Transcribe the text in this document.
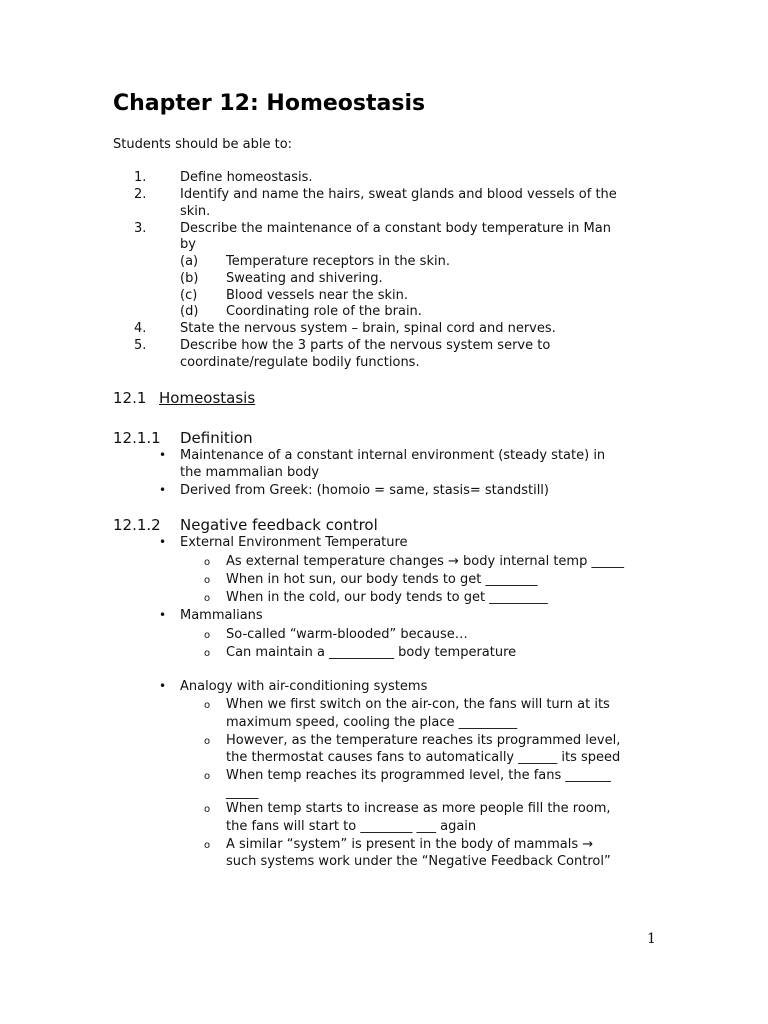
Chapter 12: Homeostasis
Students should be able to:
1.	Define homeostasis.
2.	Identify and name the hairs, sweat glands and blood vessels of the
skin.
3.	Describe the maintenance of a constant body temperature in Man
by
(a) Temperature receptors in the skin.
(b) Sweating and shivering.
(c) Blood vessels near the skin.
(d) Coordinating role of the brain.
4.	State the nervous system – brain, spinal cord and nerves.
5.	Describe how the 3 parts of the nervous system serve to
coordinate/regulate bodily functions.
12.1 Homeostasis
12.1.1 Definition
• Maintenance of a constant internal environment (steady state) in
the mammalian body
• Derived from Greek: (homoio = same, stasis= standstill)
12.1.2 Negative feedback control
• External Environment Temperature
o As external temperature changes → body internal temp _____
o When in hot sun, our body tends to get ________
o When in the cold, our body tends to get _________
• Mammalians
o So-called “warm-blooded” because…
o Can maintain a __________ body temperature
• Analogy with air-conditioning systems
o When we first switch on the air-con, the fans will turn at its
maximum speed, cooling the place _________
o However, as the temperature reaches its programmed level,
the thermostat causes fans to automatically ______ its speed
o When temp reaches its programmed level, the fans _______
_____
o When temp starts to increase as more people fill the room,
the fans will start to ________ ___ again
o A similar “system” is present in the body of mammals →
such systems work under the “Negative Feedback Control”
1
